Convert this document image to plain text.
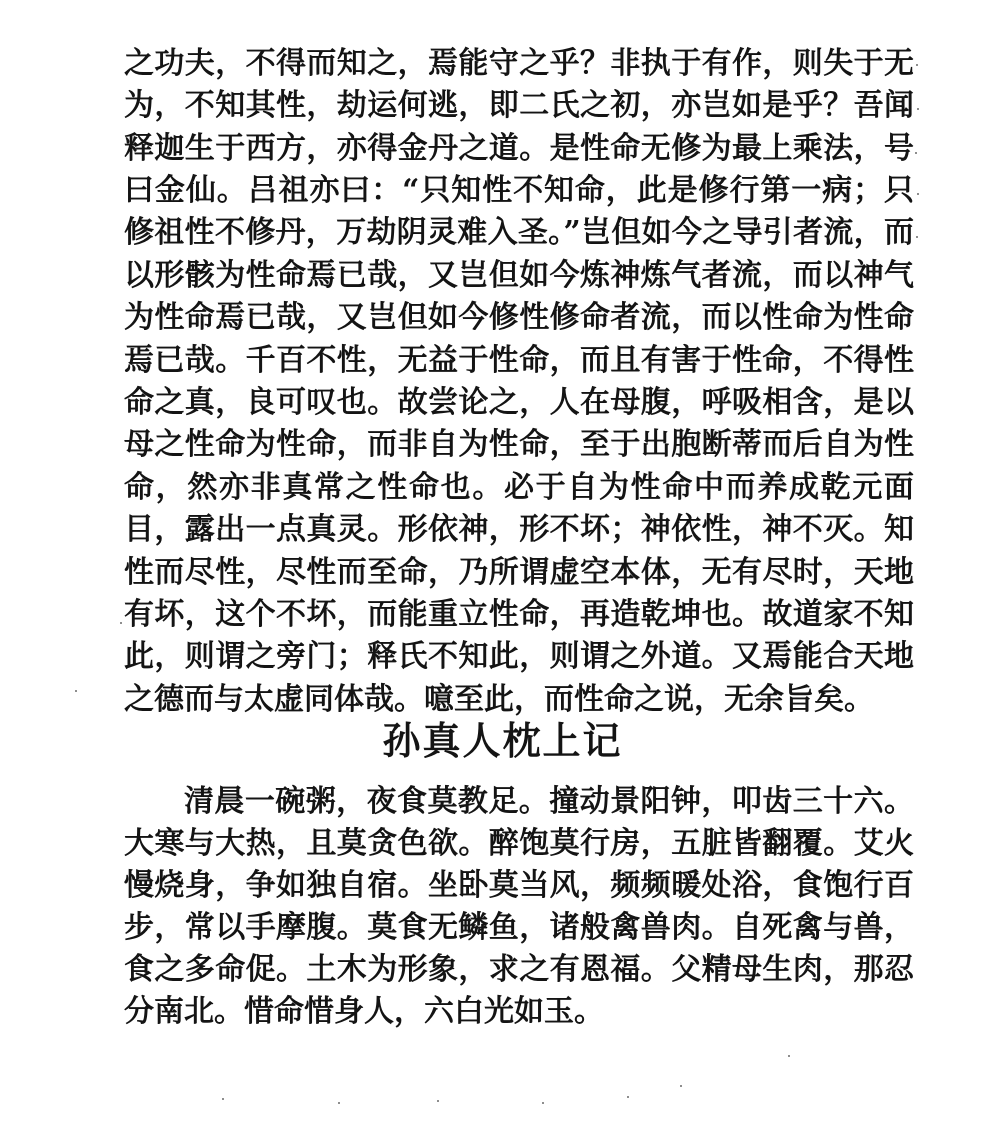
之功夫，不得而知之，焉能守之乎？非执于有作，则失于无
为，不知其性，劫运何逃，即二氏之初，亦岂如是乎？吾闻
释迦生于西方，亦得金丹之道。是性命无修为最上乘法，号
曰金仙。吕祖亦曰：“只知性不知命，此是修行第一病；只
修祖性不修丹，万劫阴灵难入圣。”岂但如今之导引者流，而
以形骸为性命焉已哉，又岂但如今炼神炼气者流，而以神气
为性命焉已哉，又岂但如今修性修命者流，而以性命为性命
焉已哉。千百不性，无益于性命，而且有害于性命，不得性
命之真，良可叹也。故尝论之，人在母腹，呼吸相含，是以
母之性命为性命，而非自为性命，至于出胞断蒂而后自为性
命，然亦非真常之性命也。必于自为性命中而养成乾元面
目，露出一点真灵。形依神，形不坏；神依性，神不灭。知
性而尽性，尽性而至命，乃所谓虚空本体，无有尽时，天地
有坏，这个不坏，而能重立性命，再造乾坤也。故道家不知
此，则谓之旁门；释氏不知此，则谓之外道。又焉能合天地
之德而与太虚同体哉。噫至此，而性命之说，无余旨矣。
孙真人枕上记
清晨一碗粥，夜食莫教足。撞动景阳钟，叩齿三十六。
大寒与大热，且莫贪色欲。醉饱莫行房，五脏皆翻覆。艾火
慢烧身，争如独自宿。坐卧莫当风，频频暖处浴，食饱行百
步，常以手摩腹。莫食无鳞鱼，诸般禽兽肉。自死禽与兽，
食之多命促。土木为形象，求之有恩福。父精母生肉，那忍
分南北。惜命惜身人，六白光如玉。
